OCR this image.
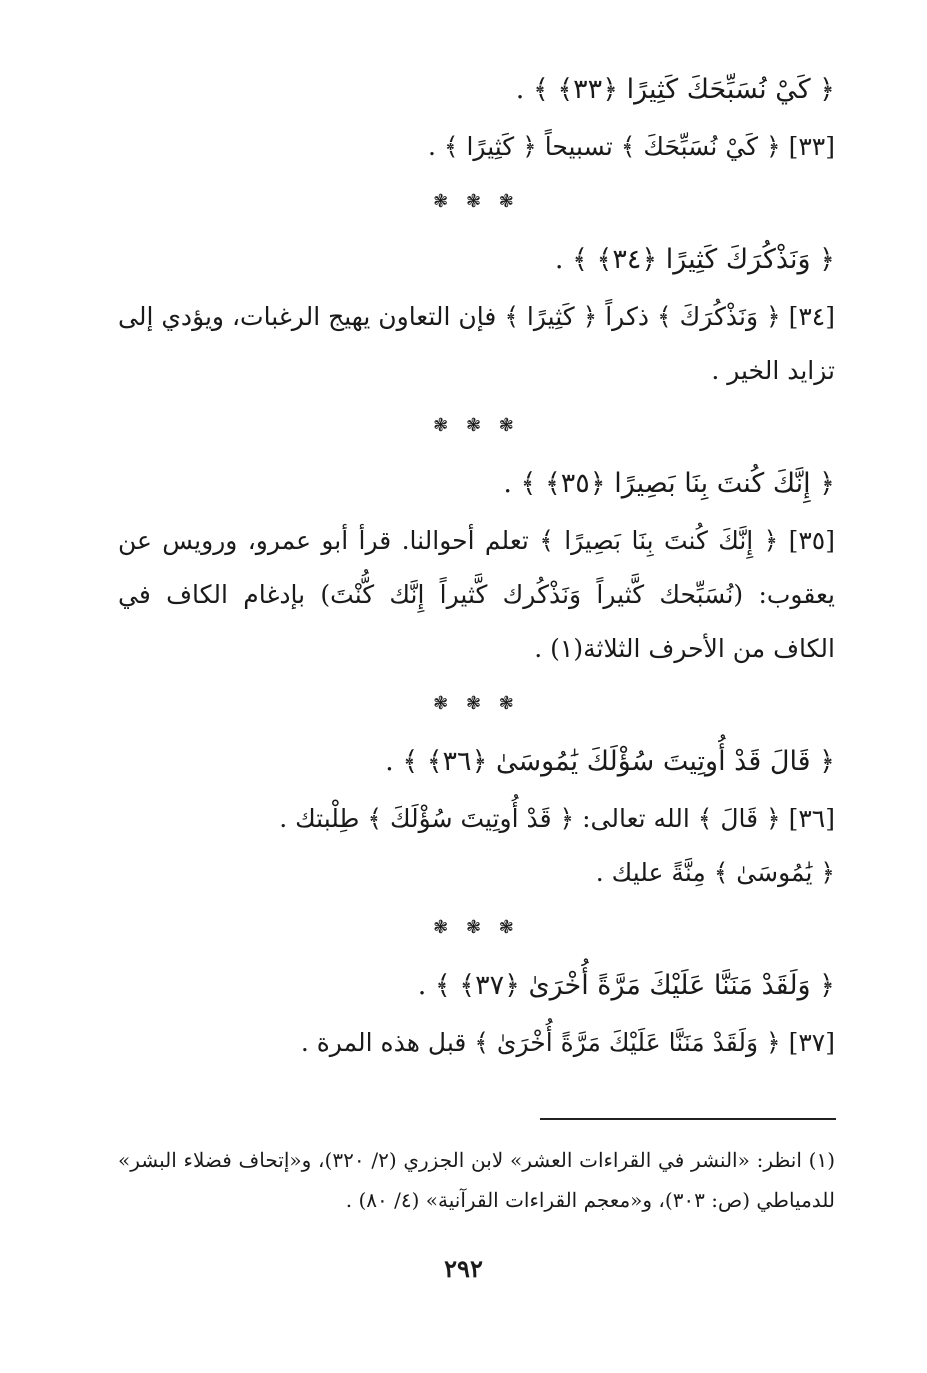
﴿ كَيْ نُسَبِّحَكَ كَثِيرًا ﴿٣٣﴾ ﴾ .
[٣٣] ﴿ كَيْ نُسَبِّحَكَ ﴾ تسبيحاً ﴿ كَثِيرًا ﴾ .
❃ ❃ ❃
﴿ وَنَذْكُرَكَ كَثِيرًا ﴿٣٤﴾ ﴾ .

[٣٤] ﴿ وَنَذْكُرَكَ ﴾ ذكراً ﴿ كَثِيرًا ﴾ فإن التعاون يهيج الرغبات، ويؤدي إلى تزايد الخير .

❃ ❃ ❃
﴿ إِنَّكَ كُنتَ بِنَا بَصِيرًا ﴿٣٥﴾ ﴾ .

[٣٥] ﴿ إِنَّكَ كُنتَ بِنَا بَصِيرًا ﴾ تعلم أحوالنا. قرأ أبو عمرو، ورويس عن يعقوب: (نُسَبِّحك كَّثيراً وَنَذْكُرك كَّثيراً إِنَّك كُّنْتَ) بإدغام الكاف في الكاف من الأحرف الثلاثة(١) .

❃ ❃ ❃
﴿ قَالَ قَدْ أُوتِيتَ سُؤْلَكَ يَٰمُوسَىٰ ﴿٣٦﴾ ﴾ .
[٣٦] ﴿ قَالَ ﴾ الله تعالى: ﴿ قَدْ أُوتِيتَ سُؤْلَكَ ﴾ طِلْبتك .
﴿ يَٰمُوسَىٰ ﴾ مِنَّةً عليك .
❃ ❃ ❃
﴿ وَلَقَدْ مَنَنَّا عَلَيْكَ مَرَّةً أُخْرَىٰ ﴿٣٧﴾ ﴾ .
[٣٧] ﴿ وَلَقَدْ مَنَنَّا عَلَيْكَ مَرَّةً أُخْرَىٰ ﴾ قبل هذه المرة .
(١) انظر: «النشر في القراءات العشر» لابن الجزري (٢/ ٣٢٠)، و«إتحاف فضلاء البشر» للدمياطي (ص: ٣٠٣)، و«معجم القراءات القرآنية» (٤/ ٨٠) .
٢٩٢
